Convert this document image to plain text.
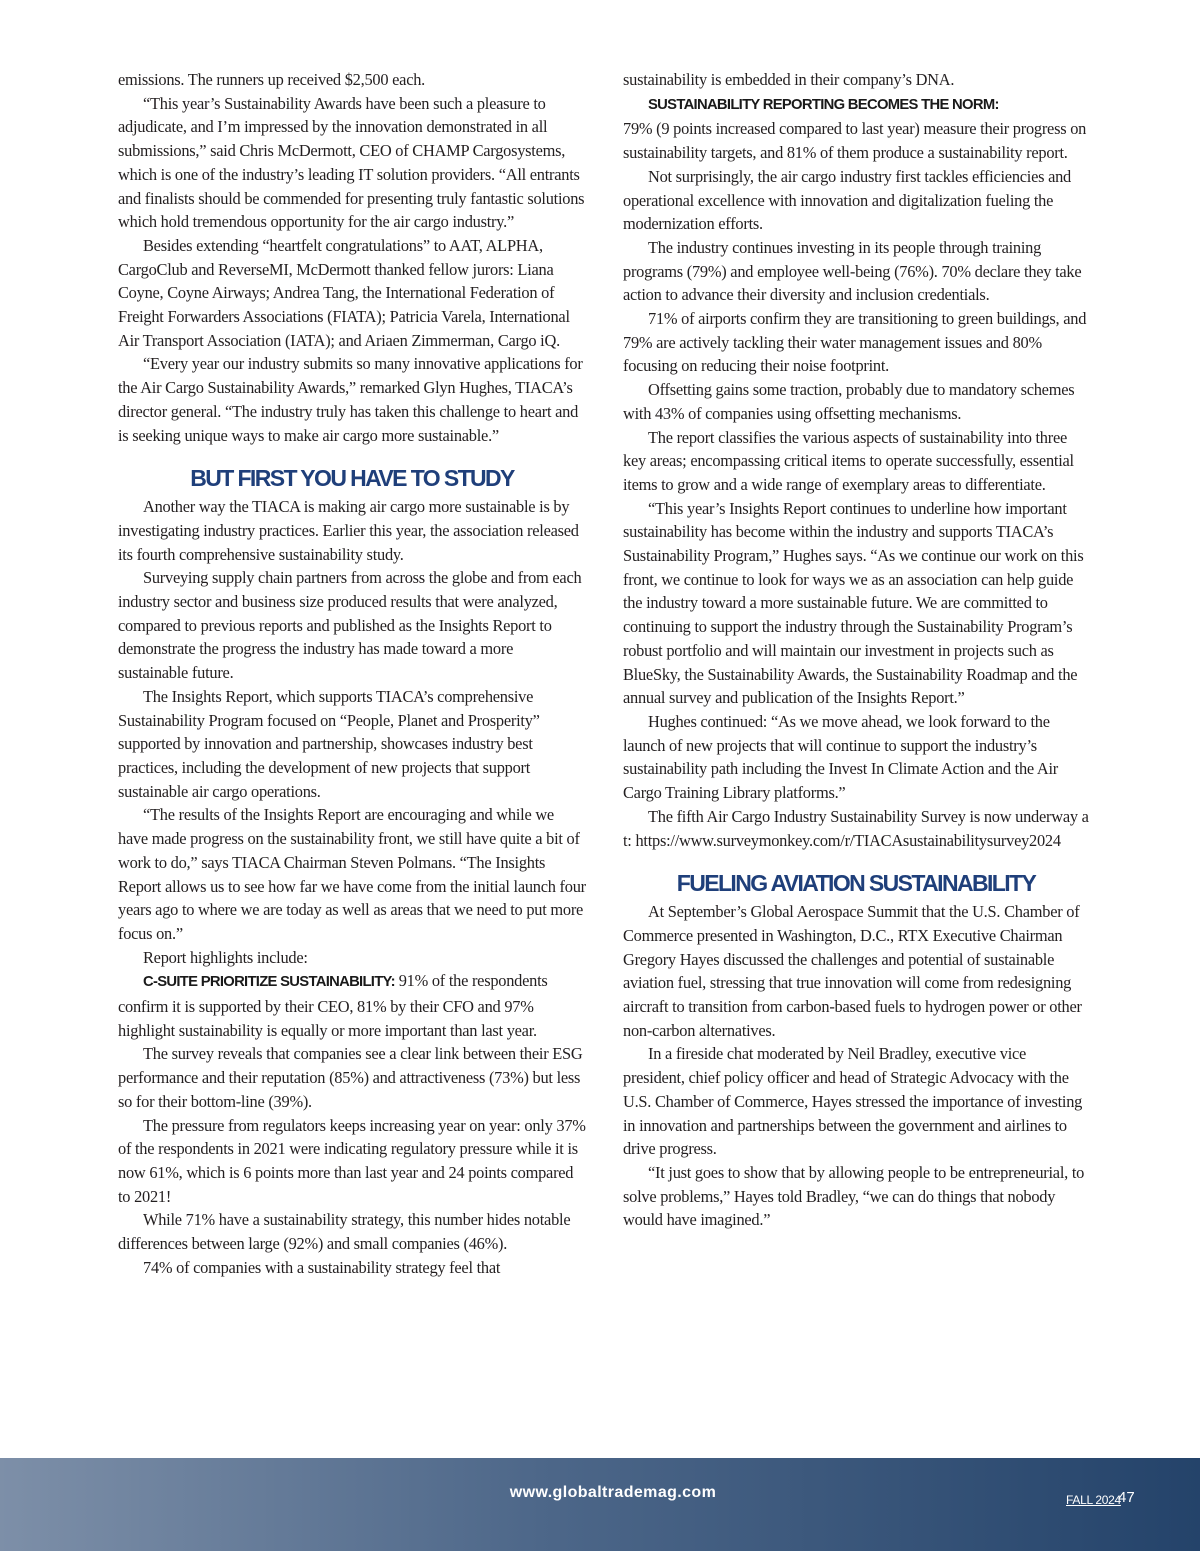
emissions. The runners up received $2,500 each.

“This year’s Sustainability Awards have been such a pleasure to adjudicate, and I’m impressed by the innovation demonstrated in all submissions,” said Chris McDermott, CEO of CHAMP Cargosystems, which is one of the industry’s leading IT solution providers. “All entrants and finalists should be commended for presenting truly fantastic solutions which hold tremendous opportunity for the air cargo industry.”

Besides extending “heartfelt congratulations” to AAT, ALPHA, CargoClub and ReverseMI, McDermott thanked fellow jurors: Liana Coyne, Coyne Airways; Andrea Tang, the International Federation of Freight Forwarders Associations (FIATA); Patricia Varela, International Air Transport Association (IATA); and Ariaen Zimmerman, Cargo iQ.

“Every year our industry submits so many innovative applications for the Air Cargo Sustainability Awards,” remarked Glyn Hughes, TIACA’s director general. “The industry truly has taken this challenge to heart and is seeking unique ways to make air cargo more sustainable.”

BUT FIRST YOU HAVE TO STUDY

Another way the TIACA is making air cargo more sustainable is by investigating industry practices. Earlier this year, the association released its fourth comprehensive sustainability study.

Surveying supply chain partners from across the globe and from each industry sector and business size produced results that were analyzed, compared to previous reports and published as the Insights Report to demonstrate the progress the industry has made toward a more sustainable future.

The Insights Report, which supports TIACA’s comprehensive Sustainability Program focused on “People, Planet and Prosperity” supported by innovation and partnership, showcases industry best practices, including the development of new projects that support sustainable air cargo operations.

“The results of the Insights Report are encouraging and while we have made progress on the sustainability front, we still have quite a bit of work to do,” says TIACA Chairman Steven Polmans. “The Insights Report allows us to see how far we have come from the initial launch four years ago to where we are today as well as areas that we need to put more focus on.”

Report highlights include:

C-SUITE PRIORITIZE SUSTAINABILITY: 91% of the respondents confirm it is supported by their CEO, 81% by their CFO and 97% highlight sustainability is equally or more important than last year.

The survey reveals that companies see a clear link between their ESG performance and their reputation (85%) and attractiveness (73%) but less so for their bottom-line (39%).

The pressure from regulators keeps increasing year on year: only 37% of the respondents in 2021 were indicating regulatory pressure while it is now 61%, which is 6 points more than last year and 24 points compared to 2021!

While 71% have a sustainability strategy, this number hides notable differences between large (92%) and small companies (46%).

74% of companies with a sustainability strategy feel that

sustainability is embedded in their company’s DNA.

SUSTAINABILITY REPORTING BECOMES THE NORM:

79% (9 points increased compared to last year) measure their progress on sustainability targets, and 81% of them produce a sustainability report.

Not surprisingly, the air cargo industry first tackles efficiencies and operational excellence with innovation and digitalization fueling the modernization efforts.

The industry continues investing in its people through training programs (79%) and employee well-being (76%). 70% declare they take action to advance their diversity and inclusion credentials.

71% of airports confirm they are transitioning to green buildings, and 79% are actively tackling their water management issues and 80% focusing on reducing their noise footprint.

Offsetting gains some traction, probably due to mandatory schemes with 43% of companies using offsetting mechanisms.

The report classifies the various aspects of sustainability into three key areas; encompassing critical items to operate successfully, essential items to grow and a wide range of exemplary areas to differentiate.

“This year’s Insights Report continues to underline how important sustainability has become within the industry and supports TIACA’s Sustainability Program,” Hughes says. “As we continue our work on this front, we continue to look for ways we as an association can help guide the industry toward a more sustainable future. We are committed to continuing to support the industry through the Sustainability Program’s robust portfolio and will maintain our investment in projects such as BlueSky, the Sustainability Awards, the Sustainability Roadmap and the annual survey and publication of the Insights Report.”

Hughes continued: “As we move ahead, we look forward to the launch of new projects that will continue to support the industry’s sustainability path including the Invest In Climate Action and the Air Cargo Training Library platforms.”

The fifth Air Cargo Industry Sustainability Survey is now underway at: https://www.surveymonkey.com/r/TIACAsustainabilitysurvey2024

FUELING AVIATION SUSTAINABILITY

At September’s Global Aerospace Summit that the U.S. Chamber of Commerce presented in Washington, D.C., RTX Executive Chairman Gregory Hayes discussed the challenges and potential of sustainable aviation fuel, stressing that true innovation will come from redesigning aircraft to transition from carbon-based fuels to hydrogen power or other non-carbon alternatives.

In a fireside chat moderated by Neil Bradley, executive vice president, chief policy officer and head of Strategic Advocacy with the U.S. Chamber of Commerce, Hayes stressed the importance of investing in innovation and partnerships between the government and airlines to drive progress.

“It just goes to show that by allowing people to be entrepreneurial, to solve problems,” Hayes told Bradley, “we can do things that nobody would have imagined.”

www.globaltrademag.com	FALL 2024
47
